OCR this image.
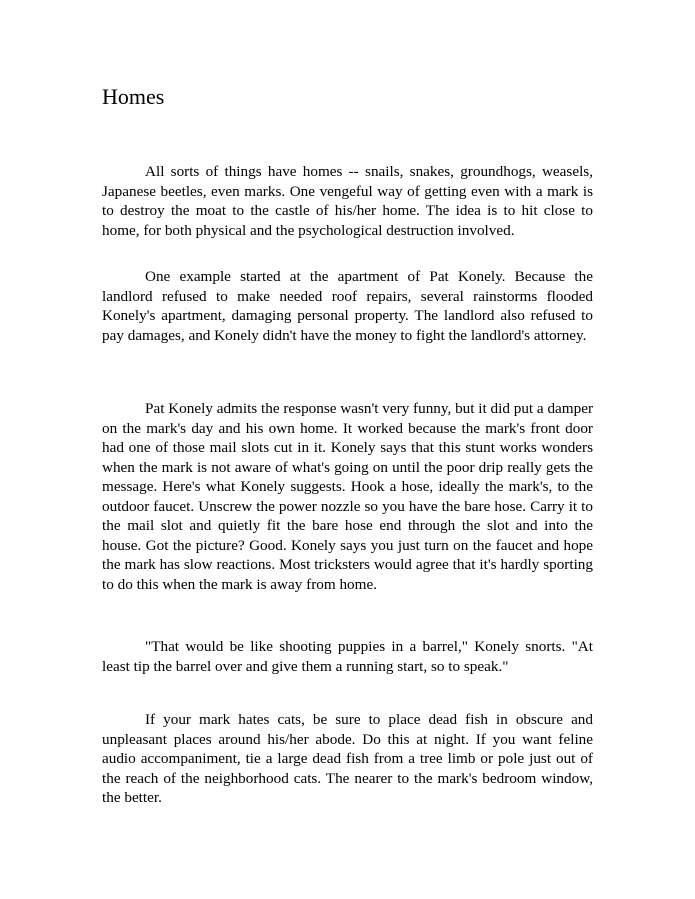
Homes

All sorts of things have homes -- snails, snakes, groundhogs, weasels, Japanese beetles, even marks. One vengeful way of getting even with a mark is to destroy the moat to the castle of his/her home. The idea is to hit close to home, for both physical and the psychological destruction involved.

One example started at the apartment of Pat Konely. Because the landlord refused to make needed roof repairs, several rainstorms flooded Konely's apartment, damaging personal property. The landlord also refused to pay damages, and Konely didn't have the money to fight the landlord's attorney.

Pat Konely admits the response wasn't very funny, but it did put a damper on the mark's day and his own home. It worked because the mark's front door had one of those mail slots cut in it. Konely says that this stunt works wonders when the mark is not aware of what's going on until the poor drip really gets the message. Here's what Konely suggests. Hook a hose, ideally the mark's, to the outdoor faucet. Unscrew the power nozzle so you have the bare hose. Carry it to the mail slot and quietly fit the bare hose end through the slot and into the house. Got the picture? Good. Konely says you just turn on the faucet and hope the mark has slow reactions. Most tricksters would agree that it's hardly sporting to do this when the mark is away from home.

"That would be like shooting puppies in a barrel," Konely snorts. "At least tip the barrel over and give them a running start, so to speak."

If your mark hates cats, be sure to place dead fish in obscure and unpleasant places around his/her abode. Do this at night. If you want feline audio accompaniment, tie a large dead fish from a tree limb or pole just out of the reach of the neighborhood cats. The nearer to the mark's bedroom window, the better.
